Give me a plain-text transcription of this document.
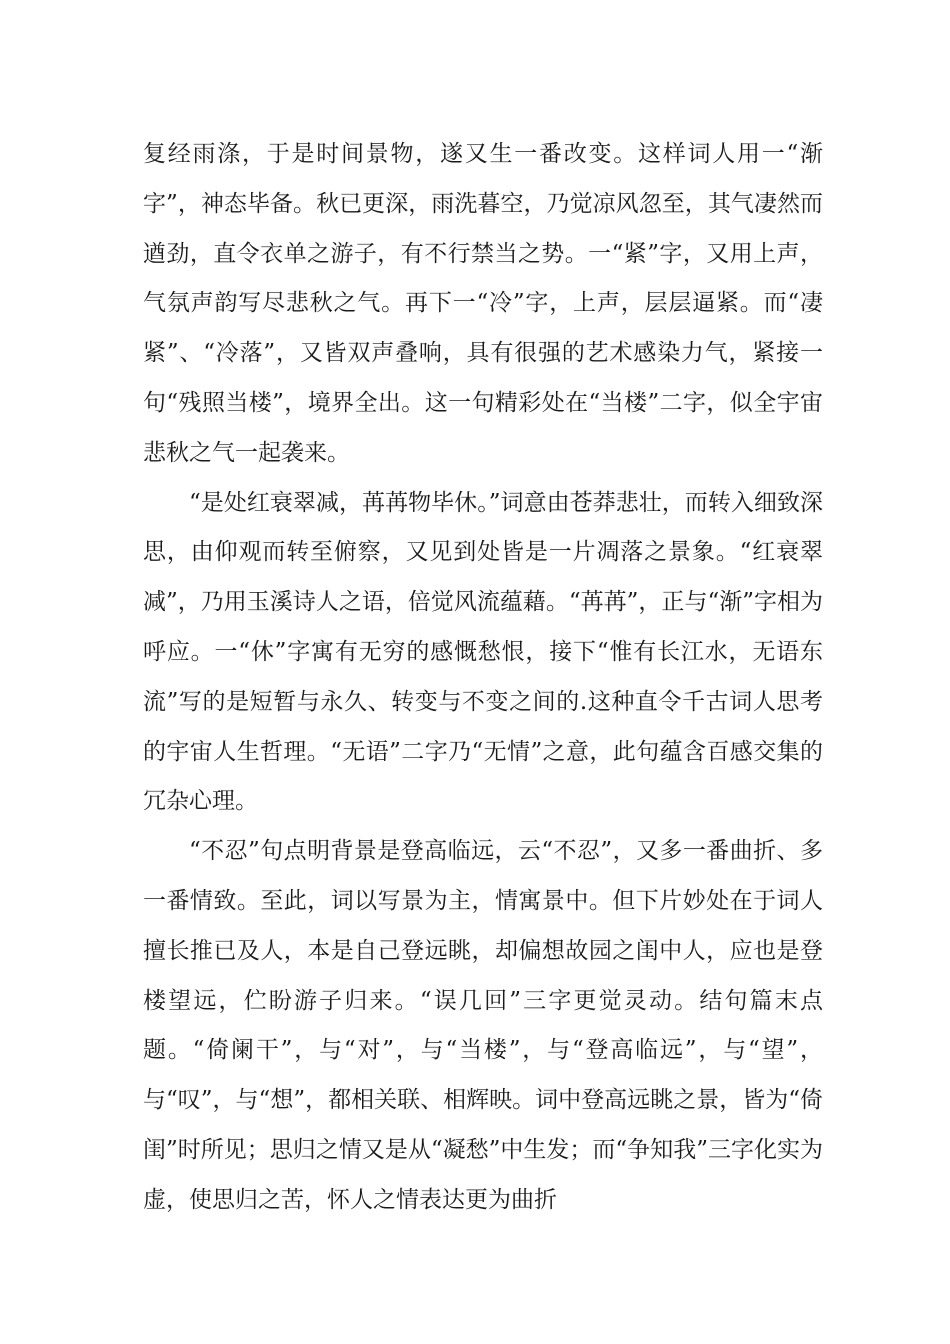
复经雨涤，于是时间景物，遂又生一番改变。这样词人用一“渐字”，神态毕备。秋已更深，雨洗暮空，乃觉凉风忽至，其气凄然而遒劲，直令衣单之游子，有不行禁当之势。一“紧”字，又用上声，气氛声韵写尽悲秋之气。再下一“冷”字，上声，层层逼紧。而“凄紧”、“冷落”，又皆双声叠响，具有很强的艺术感染力气，紧接一句“残照当楼”，境界全出。这一句精彩处在“当楼”二字，似全宇宙悲秋之气一起袭来。

“是处红衰翠减，苒苒物毕休。”词意由苍莽悲壮，而转入细致深思，由仰观而转至俯察，又见到处皆是一片凋落之景象。“红衰翠减”，乃用玉溪诗人之语，倍觉风流蕴藉。“苒苒”，正与“渐”字相为呼应。一“休”字寓有无穷的感慨愁恨，接下“惟有长江水，无语东流”写的是短暂与永久、转变与不变之间的.这种直令千古词人思考的宇宙人生哲理。“无语”二字乃“无情”之意，此句蕴含百感交集的冗杂心理。

“不忍”句点明背景是登高临远，云“不忍”，又多一番曲折、多一番情致。至此，词以写景为主，情寓景中。但下片妙处在于词人擅长推已及人，本是自己登远眺，却偏想故园之闺中人，应也是登楼望远，伫盼游子归来。“误几回”三字更觉灵动。结句篇末点题。“倚阑干”，与“对”，与“当楼”，与“登高临远”，与“望”，与“叹”，与“想”，都相关联、相辉映。词中登高远眺之景，皆为“倚闺”时所见；思归之情又是从“凝愁”中生发；而“争知我”三字化实为虚，使思归之苦，怀人之情表达更为曲折
